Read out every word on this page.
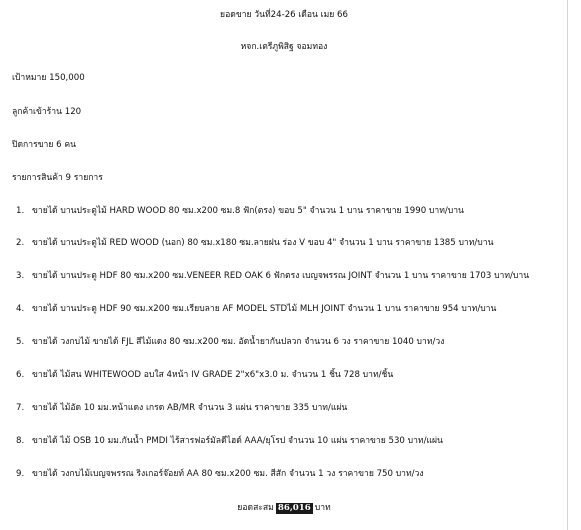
ยอดขาย วันที่24-26 เดือน เมย 66
หจก.เตรีภูพิสิฐ จอมทอง
เป้าหมาย 150,000
ลูกค้าเข้าร้าน 120
ปิดการขาย 6 คน
รายการสินค้า 9 รายการ
1. ขายได้ บานประตูไม้ HARD WOOD 80 ซม.x200 ซม.8 ฟัก(ตรง) ขอบ 5" จำนวน 1 บาน ราคาขาย 1990 บาท/บาน
2. ขายได้ บานประตูไม้ RED WOOD (นอก) 80 ซม.x180 ซม.ลายฝน ร่อง V ขอบ 4" จำนวน 1 บาน ราคาขาย 1385 บาท/บาน
3. ขายได้ บานประตู HDF 80 ซม.x200 ซม.VENEER RED OAK 6 ฟักตรง เบญจพรรณ JOINT จำนวน 1 บาน ราคาขาย 1703 บาท/บาน
4. ขายได้ บานประตู HDF 90 ซม.x200 ซม.เรียบลาย AF MODEL STDไม้ MLH JOINT จำนวน 1 บาน ราคาขาย 954 บาท/บาน
5. ขายได้ วงกบไม้ ขายได้ FJL สีไม้แดง 80 ซม.x200 ซม. อัดน้ำยากันปลวก จำนวน 6 วง ราคาขาย 1040 บาท/วง
6. ขายได้ ไม้สน WHITEWOOD อบใส 4หน้า IV GRADE 2"x6"x3.0 ม. จำนวน 1 ชิ้น 728 บาท/ชิ้น
7. ขายได้ ไม้อัด 10 มม.หน้าแดง เกรด AB/MR จำนวน 3 แผ่น ราคาขาย 335 บาท/แผ่น
8. ขายได้ ไม้ OSB 10 มม.กันน้ำ PMDI ไร้สารฟอร์มัลดีไฮด์ AAA/ยุโรป จำนวน 10 แผ่น ราคาขาย 530 บาท/แผ่น
9. ขายได้ วงกบไม้เบญจพรรณ ริงเกอร์จ๊อยท์ AA 80 ซม.x200 ซม. สีสัก จำนวน 1 วง ราคาขาย 750 บาท/วง
ยอดสะสม 86,016 บาท
